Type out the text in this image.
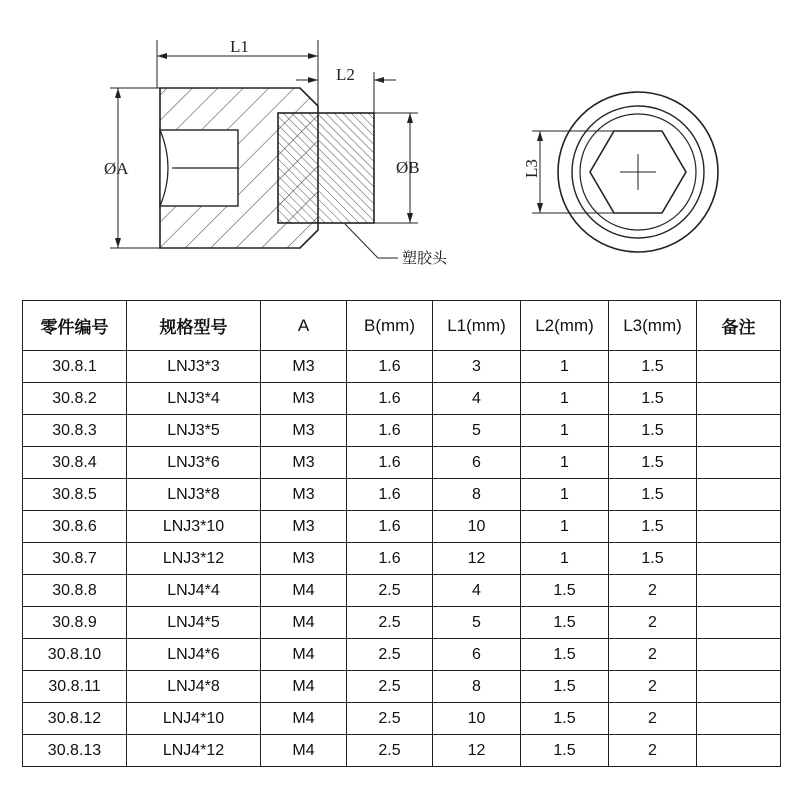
L1
L2
ØA	ØB
塑胶头
L3
零件编号	规格型号	A	B(mm)	L1(mm)	L2(mm)	L3(mm)	备注
30.8.1	LNJ3*3	M3	1.6	3	1	1.5	
30.8.2	LNJ3*4	M3	1.6	4	1	1.5	
30.8.3	LNJ3*5	M3	1.6	5	1	1.5	
30.8.4	LNJ3*6	M3	1.6	6	1	1.5	
30.8.5	LNJ3*8	M3	1.6	8	1	1.5	
30.8.6	LNJ3*10	M3	1.6	10	1	1.5	
30.8.7	LNJ3*12	M3	1.6	12	1	1.5	
30.8.8	LNJ4*4	M4	2.5	4	1.5	2	
30.8.9	LNJ4*5	M4	2.5	5	1.5	2	
30.8.10	LNJ4*6	M4	2.5	6	1.5	2	
30.8.11	LNJ4*8	M4	2.5	8	1.5	2	
30.8.12	LNJ4*10	M4	2.5	10	1.5	2	
30.8.13	LNJ4*12	M4	2.5	12	1.5	2	
